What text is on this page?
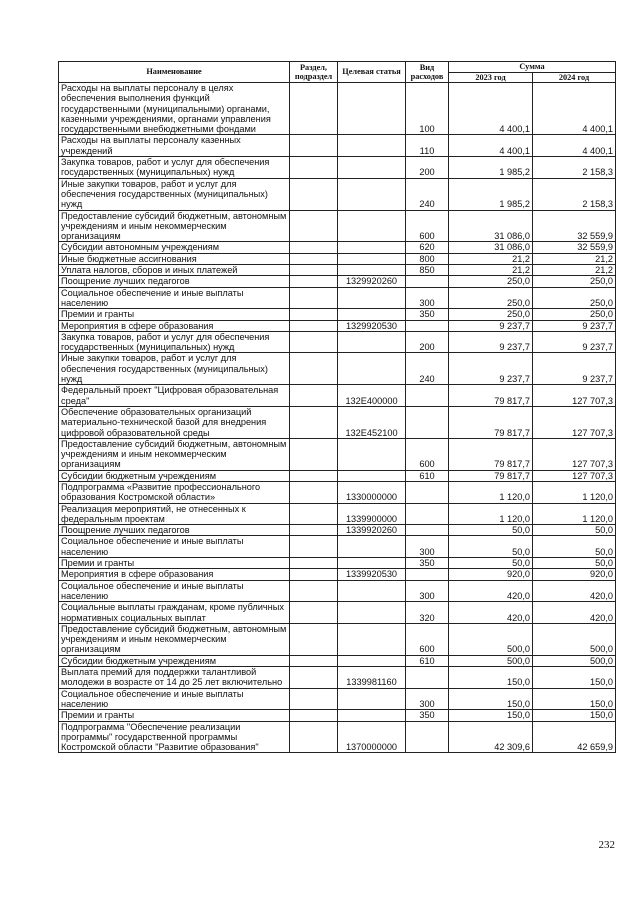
Наименование	Раздел, подраздел	Целевая статья	Вид расходов	Сумма	
				2023 год	2024 год
Расходы на выплаты персоналу в целях обеспечения выполнения функций государственными (муниципальными) органами, казенными учреждениями, органами управления государственными внебюджетными фондами			100	4 400,1	4 400,1
Расходы на выплаты персоналу казенных учреждений			110	4 400,1	4 400,1
Закупка товаров, работ и услуг для обеспечения государственных (муниципальных) нужд			200	1 985,2	2 158,3
Иные закупки товаров, работ и услуг для обеспечения государственных (муниципальных) нужд			240	1 985,2	2 158,3
Предоставление субсидий бюджетным, автономным учреждениям и иным некоммерческим организациям			600	31 086,0	32 559,9
Субсидии автономным учреждениям			620	31 086,0	32 559,9
Иные бюджетные ассигнования			800	21,2	21,2
Уплата налогов, сборов и иных платежей			850	21,2	21,2
Поощрение лучших педагогов		1329920260		250,0	250,0
Социальное обеспечение и иные выплаты населению			300	250,0	250,0
Премии и гранты			350	250,0	250,0
Мероприятия в сфере образования		1329920530		9 237,7	9 237,7
Закупка товаров, работ и услуг для обеспечения государственных (муниципальных) нужд			200	9 237,7	9 237,7
Иные закупки товаров, работ и услуг для обеспечения государственных (муниципальных) нужд			240	9 237,7	9 237,7
Федеральный проект "Цифровая образовательная среда"		132E400000		79 817,7	127 707,3
Обеспечение образовательных организаций материально-технической базой для внедрения цифровой образовательной среды		132E452100		79 817,7	127 707,3
Предоставление субсидий бюджетным, автономным учреждениям и иным некоммерческим организациям			600	79 817,7	127 707,3
Субсидии бюджетным учреждениям			610	79 817,7	127 707,3
Подпрограмма «Развитие профессионального образования Костромской области»		1330000000		1 120,0	1 120,0
Реализация мероприятий, не отнесенных к федеральным проектам		1339900000		1 120,0	1 120,0
Поощрение лучших педагогов		1339920260		50,0	50,0
Социальное обеспечение и иные выплаты населению			300	50,0	50,0
Премии и гранты			350	50,0	50,0
Мероприятия в сфере образования		1339920530		920,0	920,0
Социальное обеспечение и иные выплаты населению			300	420,0	420,0
Социальные выплаты гражданам, кроме публичных нормативных социальных выплат			320	420,0	420,0
Предоставление субсидий бюджетным, автономным учреждениям и иным некоммерческим организациям			600	500,0	500,0
Субсидии бюджетным учреждениям			610	500,0	500,0
Выплата премий для поддержки талантливой молодежи в возрасте от 14 до 25 лет включительно		1339981160		150,0	150,0
Социальное обеспечение и иные выплаты населению			300	150,0	150,0
Премии и гранты			350	150,0	150,0
Подпрограмма "Обеспечение реализации программы" государственной программы Костромской области "Развитие образования"		1370000000		42 309,6	42 659,9
232
